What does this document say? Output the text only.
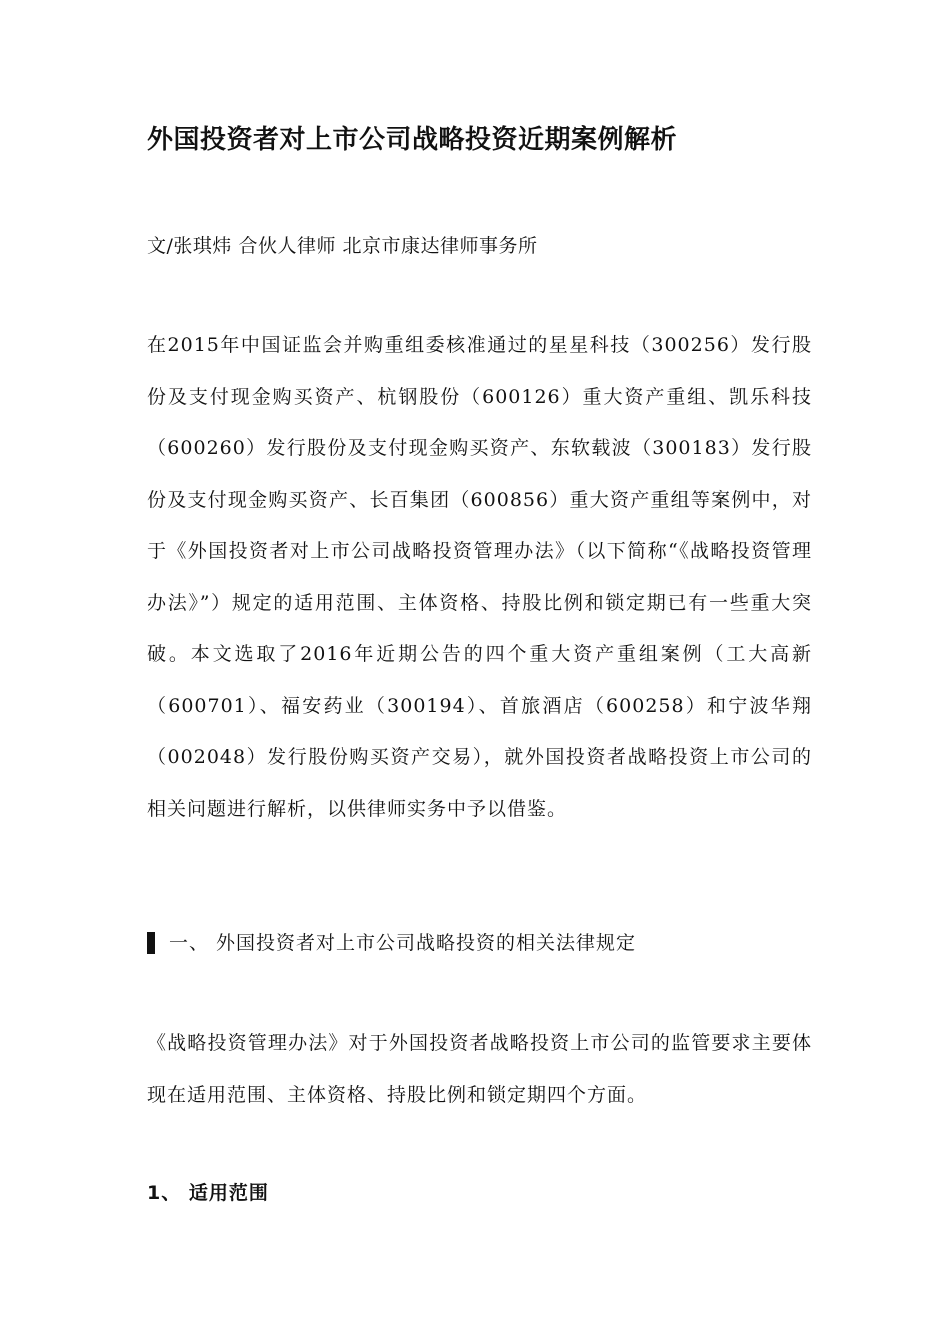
外国投资者对上市公司战略投资近期案例解析

文/张琪炜 合伙人律师 北京市康达律师事务所

在2015年中国证监会并购重组委核准通过的星星科技（300256）发行股份及支付现金购买资产、杭钢股份（600126）重大资产重组、凯乐科技（600260）发行股份及支付现金购买资产、东软载波（300183）发行股份及支付现金购买资产、长百集团（600856）重大资产重组等案例中，对于《外国投资者对上市公司战略投资管理办法》（以下简称“《战略投资管理办法》”）规定的适用范围、主体资格、持股比例和锁定期已有一些重大突破。本文选取了2016年近期公告的四个重大资产重组案例（工大高新（600701）、福安药业（300194）、首旅酒店（600258）和宁波华翔（002048）发行股份购买资产交易），就外国投资者战略投资上市公司的相关问题进行解析，以供律师实务中予以借鉴。

一、 外国投资者对上市公司战略投资的相关法律规定

《战略投资管理办法》对于外国投资者战略投资上市公司的监管要求主要体现在适用范围、主体资格、持股比例和锁定期四个方面。

1、 适用范围
